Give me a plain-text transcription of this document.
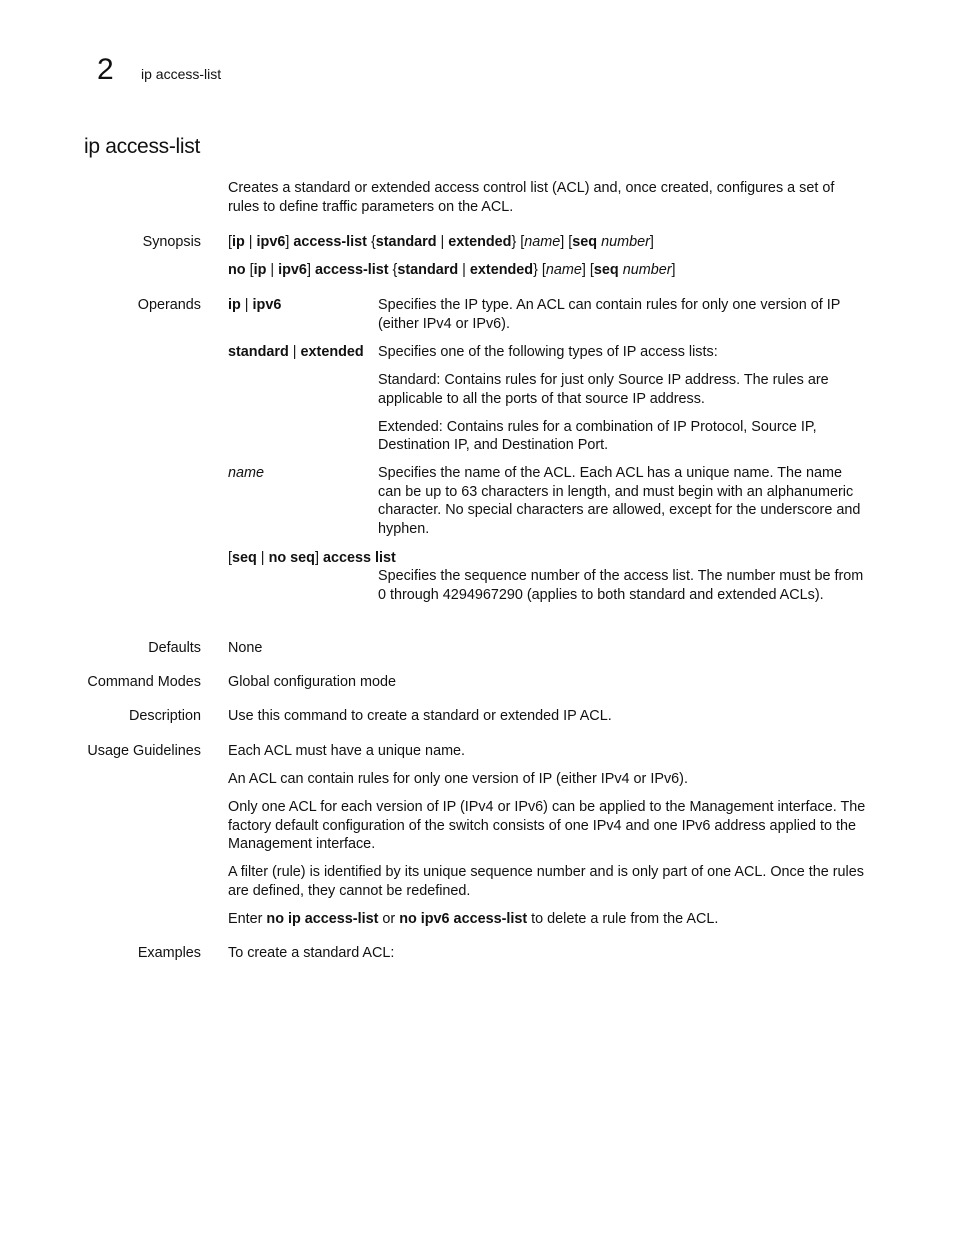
2 ip access-list
ip access-list
Creates a standard or extended access control list (ACL) and, once created, configures a set of rules to define traffic parameters on the ACL.
Synopsis [ip | ipv6] access-list {standard | extended} [name] [seq number]

no [ip | ipv6] access-list {standard | extended} [name] [seq number]

Operands ip | ipv6	Specifies the IP type. An ACL can contain rules for only one version of IP (either IPv4 or IPv6).

standard | extended Specifies one of the following types of IP access lists:

Standard: Contains rules for just only Source IP address. The rules are applicable to all the ports of that source IP address.

Extended: Contains rules for a combination of IP Protocol, Source IP, Destination IP, and Destination Port.

name	Specifies the name of the ACL. Each ACL has a unique name. The name can be up to 63 characters in length, and must begin with an alphanumeric character. No special characters are allowed, except for the underscore and hyphen.

[seq | no seq] access list

Specifies the sequence number of the access list. The number must be from 0 through 4294967290 (applies to both standard and extended ACLs).

Defaults None
Command Modes Global configuration mode
Description Use this command to create a standard or extended IP ACL.
Usage Guidelines Each ACL must have a unique name.

An ACL can contain rules for only one version of IP (either IPv4 or IPv6).

Only one ACL for each version of IP (IPv4 or IPv6) can be applied to the Management interface. The factory default configuration of the switch consists of one IPv4 and one IPv6 address applied to the Management interface.

A filter (rule) is identified by its unique sequence number and is only part of one ACL. Once the rules are defined, they cannot be redefined.

Enter no ip access-list or no ipv6 access-list to delete a rule from the ACL.

Examples To create a standard ACL:
